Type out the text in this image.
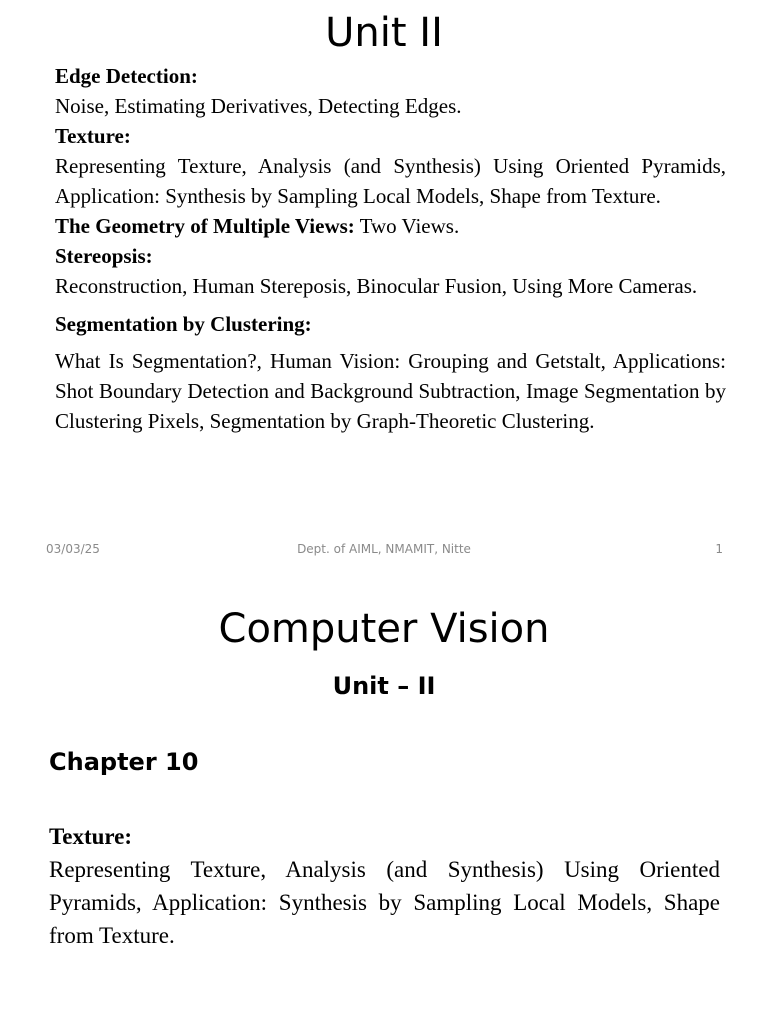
Unit II

Edge Detection:

Noise, Estimating Derivatives, Detecting Edges.

Texture:

Representing Texture, Analysis (and Synthesis) Using Oriented Pyramids, Application: Synthesis by Sampling Local Models, Shape from Texture.

The Geometry of Multiple Views: Two Views.

Stereopsis:

Reconstruction, Human Stereposis, Binocular Fusion, Using More Cameras.

Segmentation by Clustering:

What Is Segmentation?, Human Vision: Grouping and Getstalt, Applications: Shot Boundary Detection and Background Subtraction, Image Segmentation by Clustering Pixels, Segmentation by Graph-Theoretic Clustering.

03/03/25	Dept. of AIML, NMAMIT, Nitte	1
Computer Vision
Unit – II
Chapter 10

Texture:

Representing Texture, Analysis (and Synthesis) Using Oriented Pyramids, Application: Synthesis by Sampling Local Models, Shape from Texture.
